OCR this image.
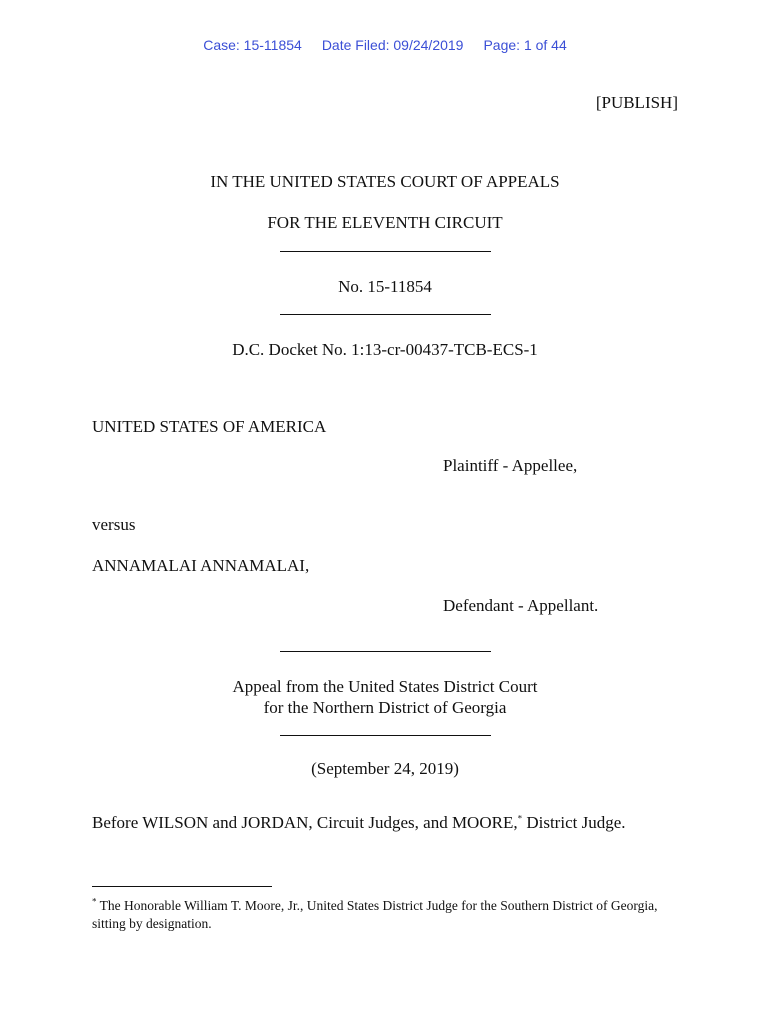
Case: 15-11854 Date Filed: 09/24/2019 Page: 1 of 44
[PUBLISH]
IN THE UNITED STATES COURT OF APPEALS
FOR THE ELEVENTH CIRCUIT
No. 15-11854
D.C. Docket No. 1:13-cr-00437-TCB-ECS-1
UNITED STATES OF AMERICA
Plaintiff - Appellee,
versus
ANNAMALAI ANNAMALAI,
Defendant - Appellant.
Appeal from the United States District Court
for the Northern District of Georgia
(September 24, 2019)
Before WILSON and JORDAN, Circuit Judges, and MOORE,* District Judge.
* The Honorable William T. Moore, Jr., United States District Judge for the Southern District of Georgia, sitting by designation.
